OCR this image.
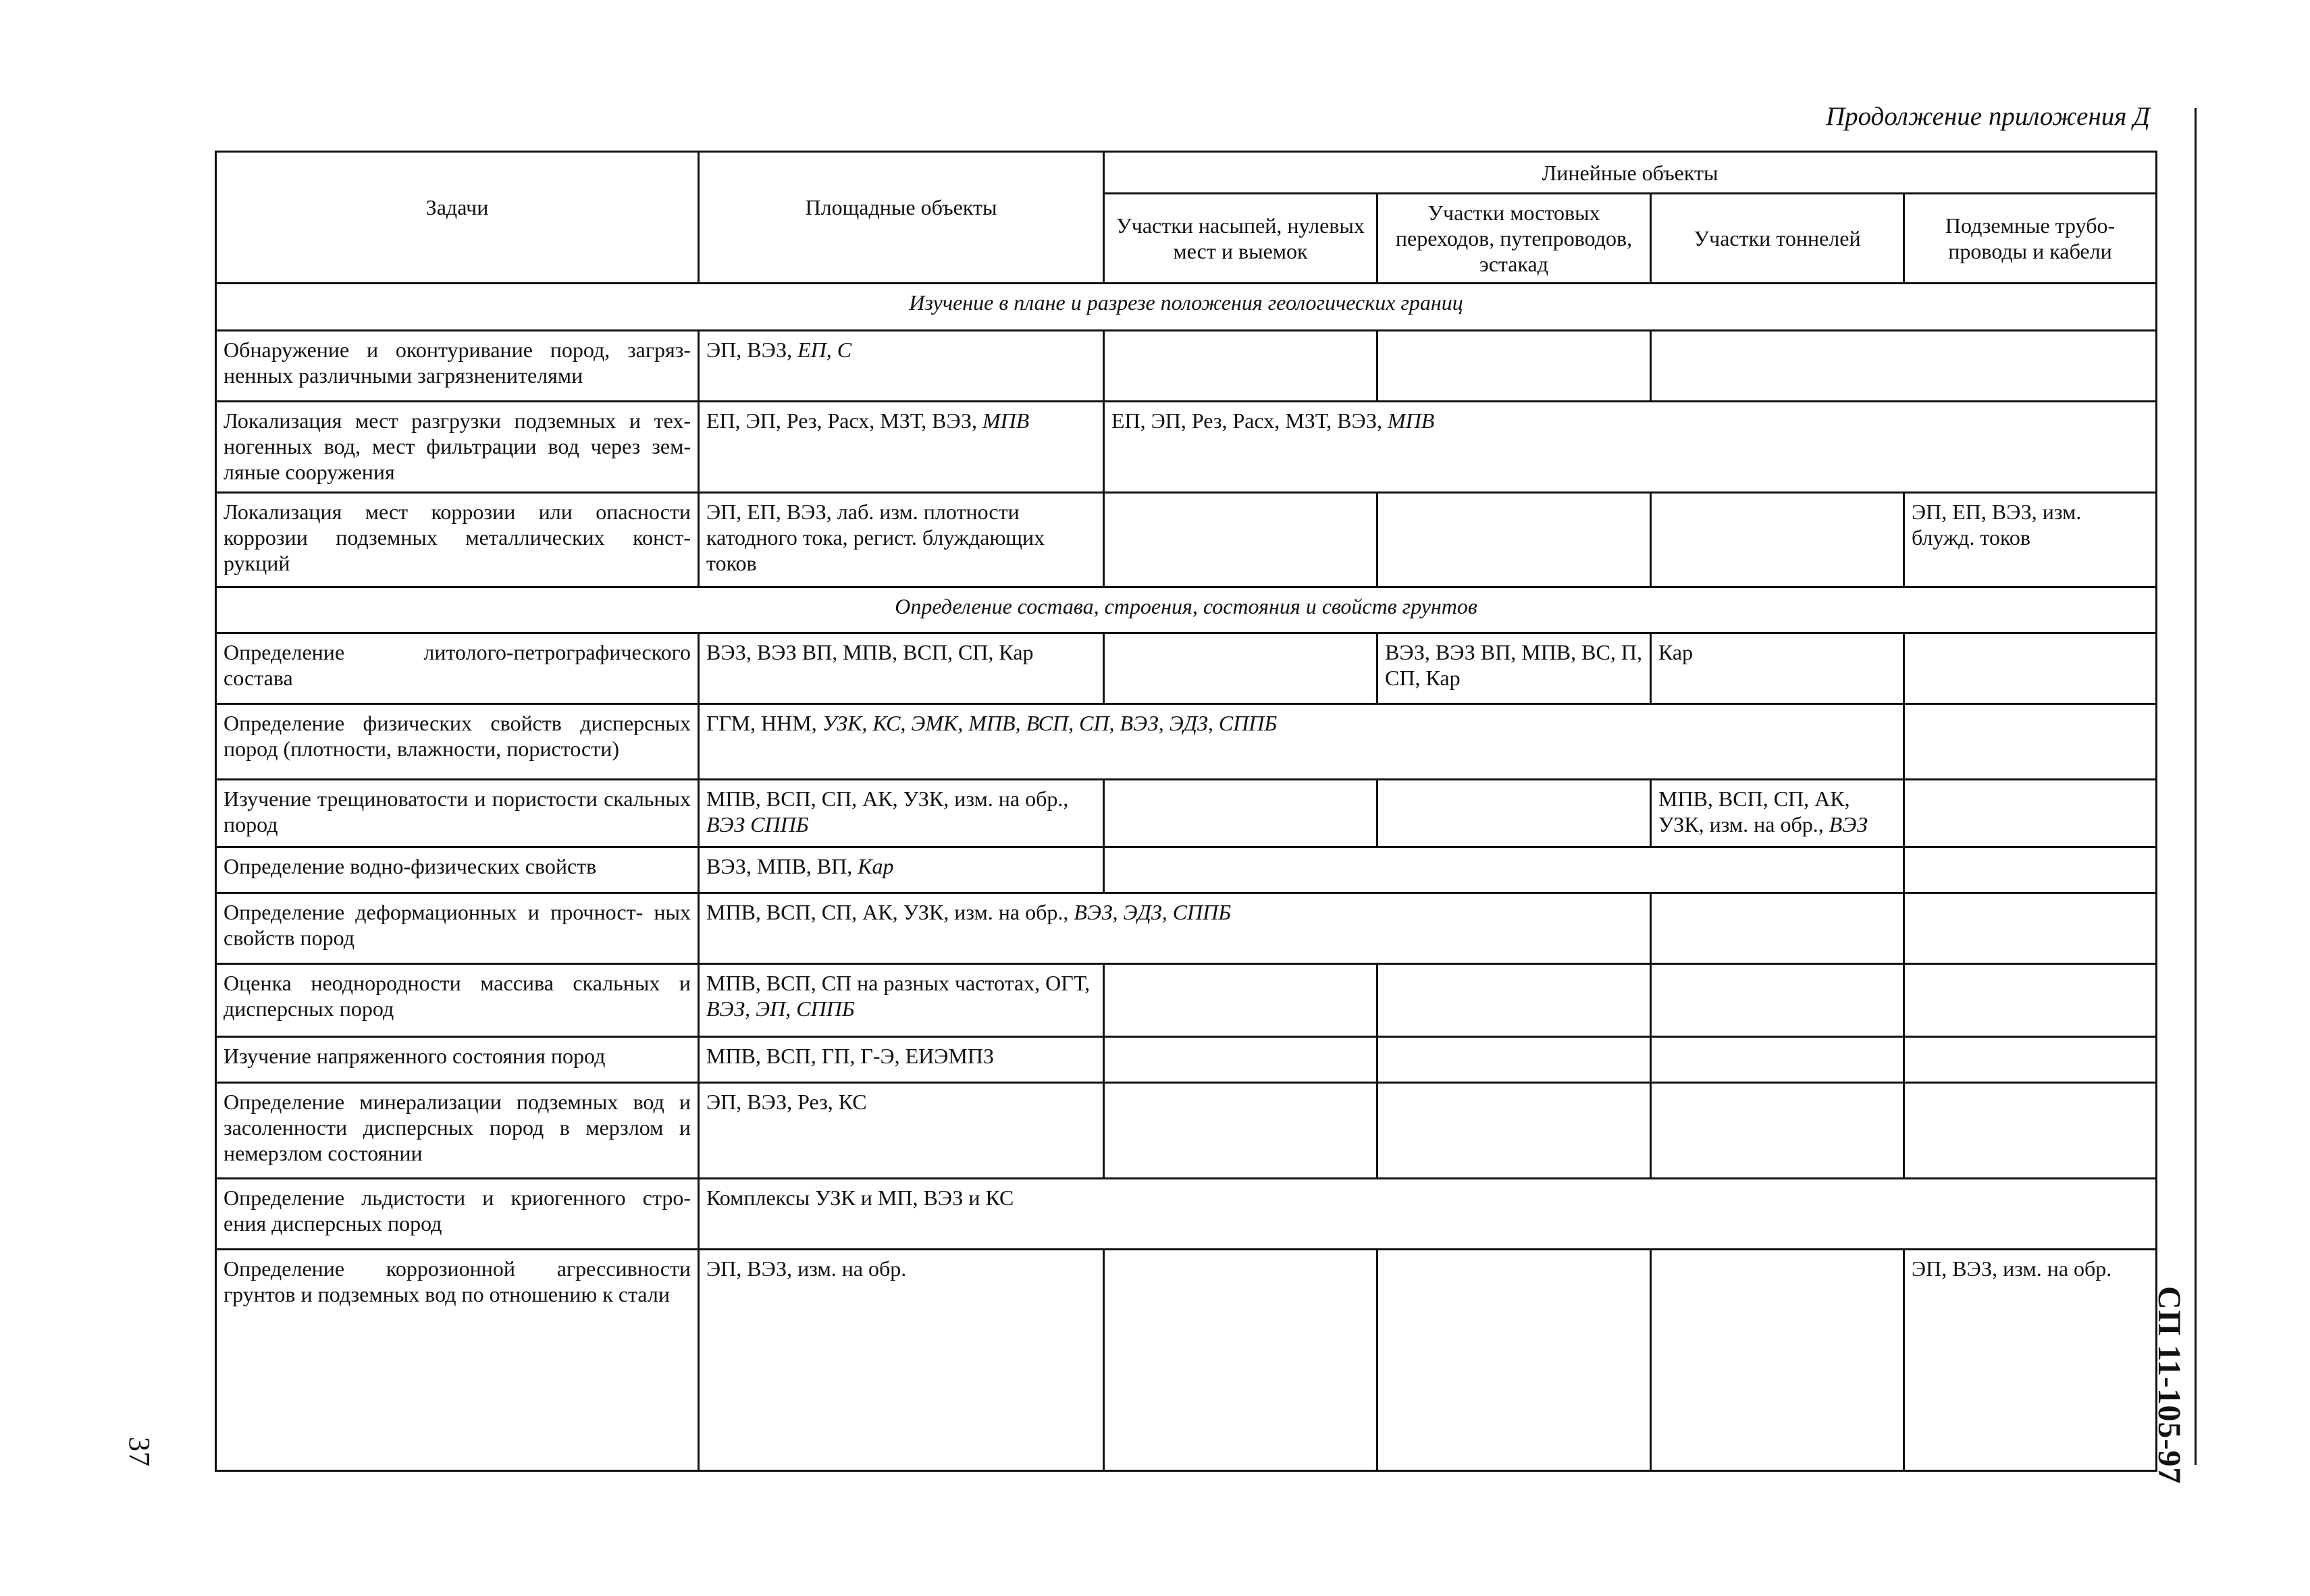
Продолжение приложения Д
СП 11-105-97
37
Задачи	Площадные объекты	Линейные объекты			
		Участки насыпей, нулевых мест и выемок	Участки мостовых переходов, путепроводов, эстакад	Участки тоннелей	Подземные трубо- проводы и кабели
Изучение в плане и разрезе положения геологических границ					
Обнаружение и оконтуривание пород, загряз- ненных различными загрязненителями	ЭП, ВЭЗ, ЕП, С				
Локализация мест разгрузки подземных и тех- ногенных вод, мест фильтрации вод через зем- ляные сооружения	ЕП, ЭП, Рез, Расх, МЗТ, ВЭЗ, МПВ	ЕП, ЭП, Рез, Расх, МЗТ, ВЭЗ, МПВ			
Локализация мест коррозии или опасности коррозии подземных металлических конст- рукций	ЭП, ЕП, ВЭЗ, лаб. изм. плотности катодного тока, регист. блуждающих токов				ЭП, ЕП, ВЭЗ, изм. блужд. токов
Определение состава, строения, состояния и свойств грунтов					
Определение литолого-петрографического состава	ВЭЗ, ВЭЗ ВП, МПВ, ВСП, СП, Кар		ВЭЗ, ВЭЗ ВП, МПВ, ВС, П, СП, Кар	Кар	
Определение физических свойств дисперсных пород (плотности, влажности, пористости)	ГГМ, ННМ, УЗК, КС, ЭМК, МПВ, ВСП, СП, ВЭЗ, ЭДЗ, СППБ				
Изучение трещиноватости и пористости скальных пород	МПВ, ВСП, СП, АК, УЗК, изм. на обр., ВЭЗ СППБ			МПВ, ВСП, СП, АК, УЗК, изм. на обр., ВЭЗ	
Определение водно-физических свойств	ВЭЗ, МПВ, ВП, Кар				
Определение деформационных и прочност- ных свойств пород	МПВ, ВСП, СП, АК, УЗК, изм. на обр., ВЭЗ, ЭДЗ, СППБ				
Оценка неоднородности массива скальных и дисперсных пород	МПВ, ВСП, СП на разных частотах, ОГТ, ВЭЗ, ЭП, СППБ				
Изучение напряженного состояния пород	МПВ, ВСП, ГП, Г-Э, ЕИЭМПЗ				
Определение минерализации подземных вод и засоленности дисперсных пород в мерзлом и немерзлом состоянии	ЭП, ВЭЗ, Рез, КС				
Определение льдистости и криогенного стро- ения дисперсных пород	Комплексы УЗК и МП, ВЭЗ и КС				
Определение коррозионной агрессивности грунтов и подземных вод по отношению к стали	ЭП, ВЭЗ, изм. на обр.				ЭП, ВЭЗ, изм. на обр.
